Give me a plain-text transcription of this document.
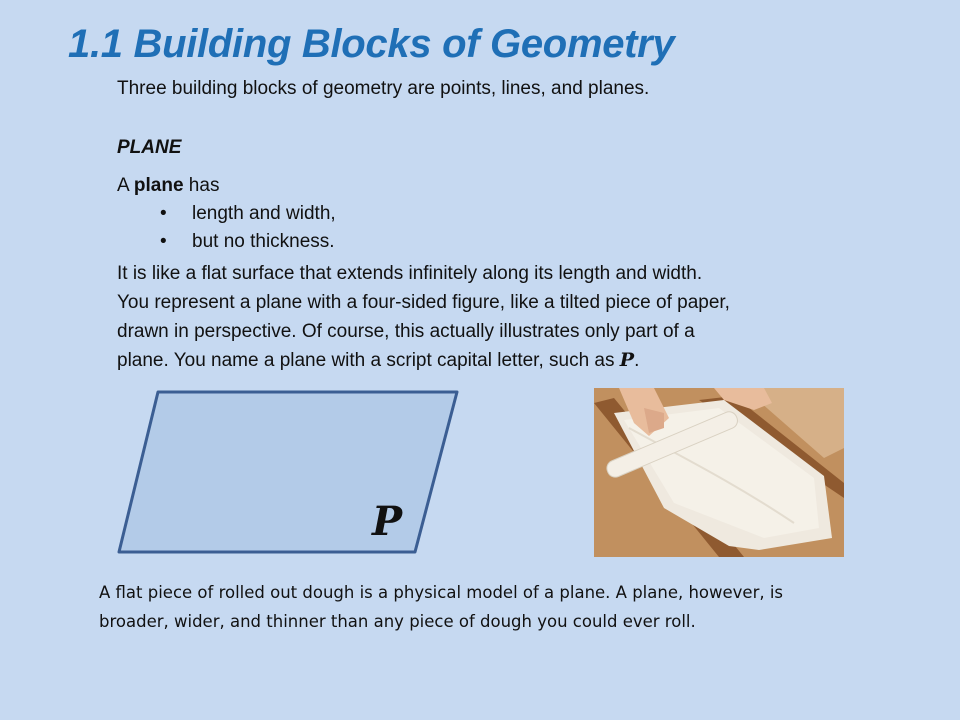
1.1 Building Blocks of Geometry
Three building blocks of geometry are points, lines, and planes.
PLANE
A plane has
• length and width,
• but no thickness.
It is like a flat surface that extends infinitely along its length and width.
You represent a plane with a four-sided figure, like a tilted piece of paper,
drawn in perspective. Of course, this actually illustrates only part of a
plane. You name a plane with a script capital letter, such as P.
P
A flat piece of rolled out dough is a physical model of a plane. A plane, however, is
broader, wider, and thinner than any piece of dough you could ever roll.
